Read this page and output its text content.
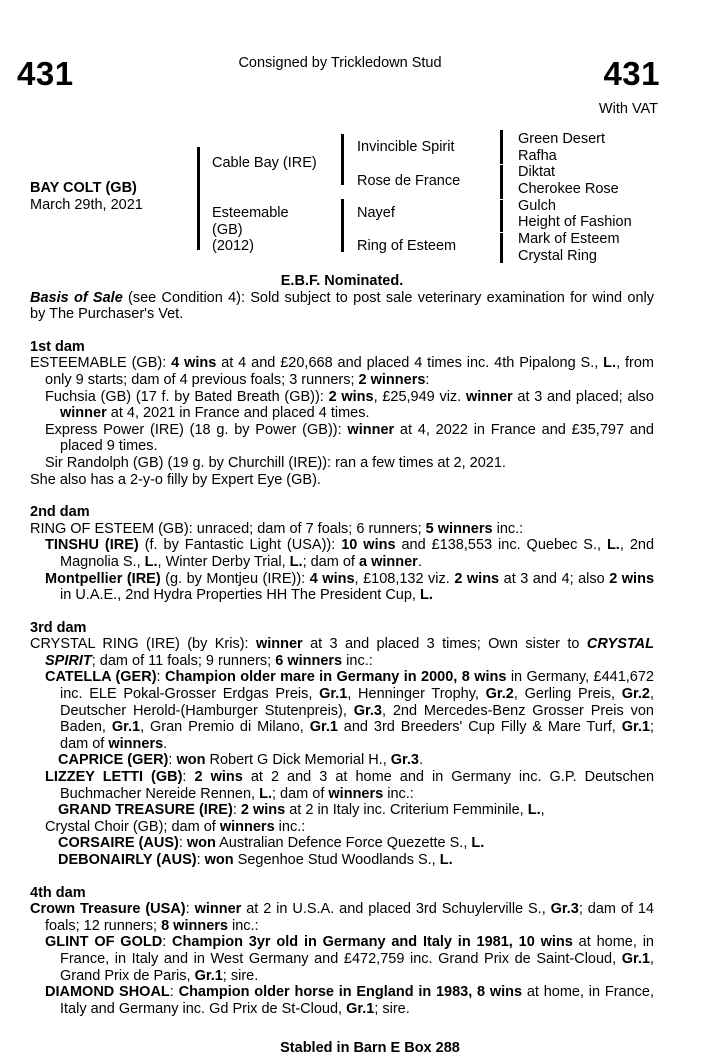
431	431
Consigned by Trickledown Stud
With VAT
BAY COLT (GB)
March 29th, 2021
Cable Bay (IRE)
Esteemable
(GB)
(2012)
Invincible Spirit
Rose de France
Nayef
Ring of Esteem
Green Desert
Rafha
Diktat
Cherokee Rose
Gulch
Height of Fashion
Mark of Esteem
Crystal Ring

E.B.F. Nominated.

Basis of Sale (see Condition 4): Sold subject to post sale veterinary examination for wind only by The Purchaser's Vet.

1st dam

ESTEEMABLE (GB): 4 wins at 4 and £20,668 and placed 4 times inc. 4th Pipalong S., L., from only 9 starts; dam of 4 previous foals; 3 runners; 2 winners:

Fuchsia (GB) (17 f. by Bated Breath (GB)): 2 wins, £25,949 viz. winner at 3 and placed; also winner at 4, 2021 in France and placed 4 times.

Express Power (IRE) (18 g. by Power (GB)): winner at 4, 2022 in France and £35,797 and placed 9 times.

Sir Randolph (GB) (19 g. by Churchill (IRE)): ran a few times at 2, 2021.

She also has a 2-y-o filly by Expert Eye (GB).

2nd dam

RING OF ESTEEM (GB): unraced; dam of 7 foals; 6 runners; 5 winners inc.:

TINSHU (IRE) (f. by Fantastic Light (USA)): 10 wins and £138,553 inc. Quebec S., L., 2nd Magnolia S., L., Winter Derby Trial, L.; dam of a winner.

Montpellier (IRE) (g. by Montjeu (IRE)): 4 wins, £108,132 viz. 2 wins at 3 and 4; also 2 wins in U.A.E., 2nd Hydra Properties HH The President Cup, L.

3rd dam

CRYSTAL RING (IRE) (by Kris): winner at 3 and placed 3 times; Own sister to CRYSTAL SPIRIT; dam of 11 foals; 9 runners; 6 winners inc.:

CATELLA (GER): Champion older mare in Germany in 2000, 8 wins in Germany, £441,672 inc. ELE Pokal-Grosser Erdgas Preis, Gr.1, Henninger Trophy, Gr.2, Gerling Preis, Gr.2, Deutscher Herold-(Hamburger Stutenpreis), Gr.3, 2nd Mercedes-Benz Grosser Preis von Baden, Gr.1, Gran Premio di Milano, Gr.1 and 3rd Breeders' Cup Filly & Mare Turf, Gr.1; dam of winners.

CAPRICE (GER): won Robert G Dick Memorial H., Gr.3.

LIZZEY LETTI (GB): 2 wins at 2 and 3 at home and in Germany inc. G.P. Deutschen Buchmacher Nereide Rennen, L.; dam of winners inc.:

GRAND TREASURE (IRE): 2 wins at 2 in Italy inc. Criterium Femminile, L.,

Crystal Choir (GB); dam of winners inc.:

CORSAIRE (AUS): won Australian Defence Force Quezette S., L.

DEBONAIRLY (AUS): won Segenhoe Stud Woodlands S., L.

4th dam

Crown Treasure (USA): winner at 2 in U.S.A. and placed 3rd Schuylerville S., Gr.3; dam of 14 foals; 12 runners; 8 winners inc.:

GLINT OF GOLD: Champion 3yr old in Germany and Italy in 1981, 10 wins at home, in France, in Italy and in West Germany and £472,759 inc. Grand Prix de Saint-Cloud, Gr.1, Grand Prix de Paris, Gr.1; sire.

DIAMOND SHOAL: Champion older horse in England in 1983, 8 wins at home, in France, Italy and Germany inc. Gd Prix de St-Cloud, Gr.1; sire.

Stabled in Barn E Box 288
